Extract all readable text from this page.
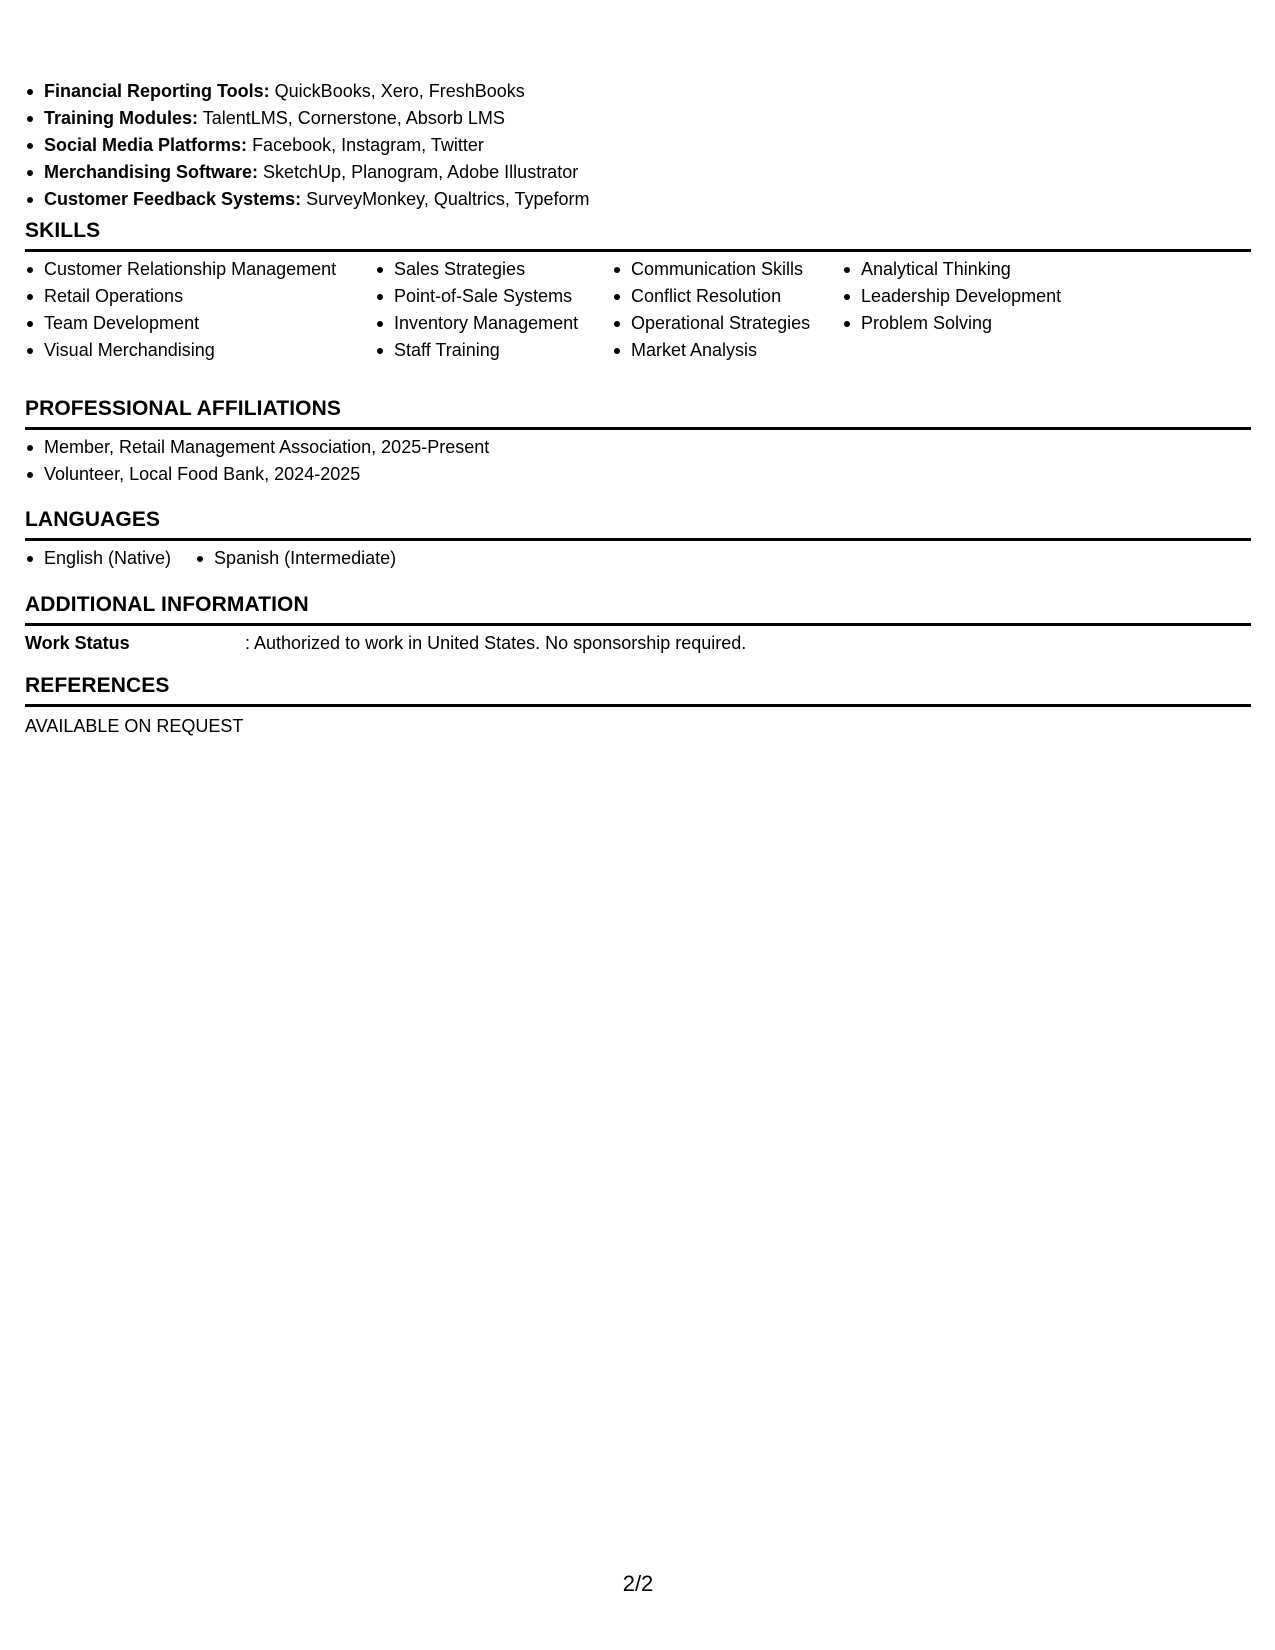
Financial Reporting Tools: QuickBooks, Xero, FreshBooks
Training Modules: TalentLMS, Cornerstone, Absorb LMS
Social Media Platforms: Facebook, Instagram, Twitter
Merchandising Software: SketchUp, Planogram, Adobe Illustrator
Customer Feedback Systems: SurveyMonkey, Qualtrics, Typeform
SKILLS
Customer Relationship Management
Retail Operations
Team Development
Visual Merchandising
Sales Strategies
Point-of-Sale Systems
Inventory Management
Staff Training
Communication Skills
Conflict Resolution
Operational Strategies
Market Analysis
Analytical Thinking
Leadership Development
Problem Solving
PROFESSIONAL AFFILIATIONS
Member, Retail Management Association, 2025-Present
Volunteer, Local Food Bank, 2024-2025
LANGUAGES
English (Native)	Spanish (Intermediate)
ADDITIONAL INFORMATION
Work Status	: Authorized to work in United States. No sponsorship required.
REFERENCES
AVAILABLE ON REQUEST
2/2
